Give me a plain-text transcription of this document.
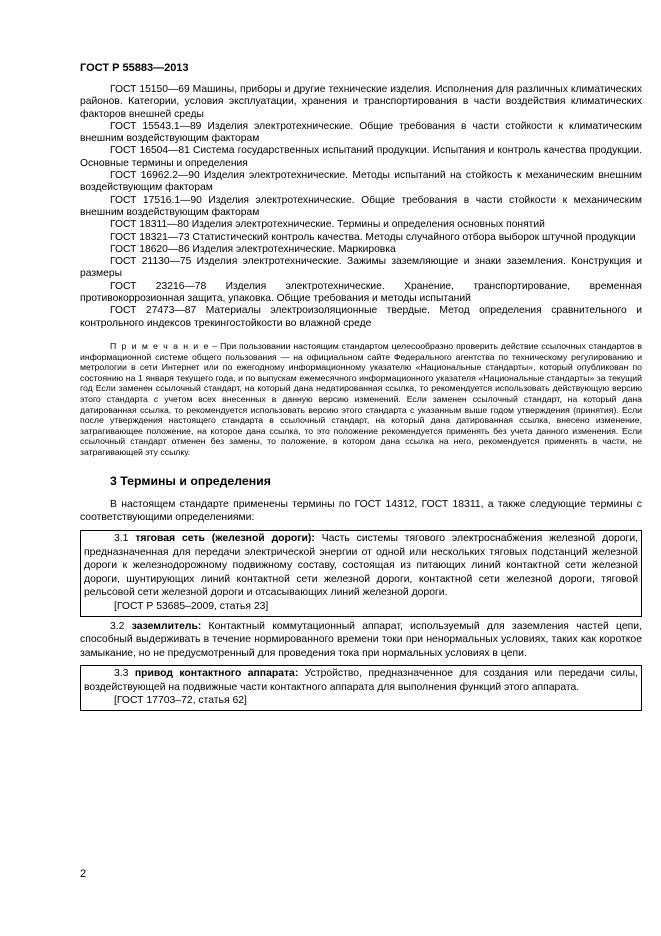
ГОСТ Р 55883—2013

ГОСТ 15150—69 Машины, приборы и другие технические изделия. Исполнения для различных климатических районов. Категории, условия эксплуатации, хранения и транспортирования в части воздействия климатических факторов внешней среды

ГОСТ 15543.1—89 Изделия электротехнические. Общие требования в части стойкости к климатическим внешним воздействующим факторам

ГОСТ 16504—81 Система государственных испытаний продукции. Испытания и контроль качества продукции. Основные термины и определения

ГОСТ 16962.2—90 Изделия электротехнические. Методы испытаний на стойкость к механическим внешним воздействующим факторам

ГОСТ 17516.1—90 Изделия электротехнические. Общие требования в части стойкости к механическим внешним воздействующим факторам

ГОСТ 18311—80 Изделия электротехнические. Термины и определения основных понятий

ГОСТ 18321—73 Статистический контроль качества. Методы случайного отбора выборок штучной продукции

ГОСТ 18620—86 Изделия электротехнические. Маркировка

ГОСТ 21130—75 Изделия электротехнические. Зажимы заземляющие и знаки заземления. Конструкция и размеры

ГОСТ 23216—78 Изделия электротехнические. Хранение, транспортирование, временная противокоррозионная защита, упаковка. Общие требования и методы испытаний

ГОСТ 27473—87 Материалы электроизоляционные твердые. Метод определения сравнительного и контрольного индексов трекингостойкости во влажной среде

П р и м е ч а н и е – При пользовании настоящим стандартом целесообразно проверить действие ссылочных стандартов в информационной системе общего пользования — на официальном сайте Федерального агентства по техническому регулированию и метрологии в сети Интернет или по ежегодному информационному указателю «Национальные стандарты», который опубликован по состоянию на 1 января текущего года, и по выпускам ежемесячного информационного указателя «Национальные стандарты» за текущий год Если заменен ссылочный стандарт, на который дана недатированная ссылка, то рекомендуется использовать действующую версию этого стандарта с учетом всех внесенных в данную версию изменений. Если заменен ссылочный стандарт, на который дана датированная ссылка, то рекомендуется использовать версию этого стандарта с указанным выше годом утверждения (принятия). Если после утверждения настоящего стандарта в ссылочный стандарт, на который дана датированная ссылка, внесено изменение, затрагивающее положение, на которое дана ссылка, то это положение рекомендуется применять без учета данного изменения. Если ссылочный стандарт отменен без замены, то положение, в котором дана ссылка на него, рекомендуется применять в части, не затрагивающей эту ссылку.

3 Термины и определения

В настоящем стандарте применены термины по ГОСТ 14312, ГОСТ 18311, а также следующие термины с соответствующими определениями:

3.1 тяговая сеть (железной дороги): Часть системы тягового электроснабжения железной дороги, предназначенная для передачи электрической энергии от одной или нескольких тяговых подстанций железной дороги к железнодорожному подвижному составу, состоящая из питающих линий контактной сети железной дороги, шунтирующих линий контактной сети железной дороги, контактной сети железной дороги, тяговой рельсовой сети железной дороги и отсасывающих линий железной дороги.

[ГОСТ Р 53685–2009, статья 23]

3.2 заземлитель: Контактный коммутационный аппарат, используемый для заземления частей цепи, способный выдерживать в течение нормированного времени токи при ненормальных условиях, таких как короткое замыкание, но не предусмотренный для проведения тока при нормальных условиях в цепи.

3.3 привод контактного аппарата: Устройство, предназначенное для создания или передачи силы, воздействующей на подвижные части контактного аппарата для выполнения функций этого аппарата.

[ГОСТ 17703–72, статья 62]

2
